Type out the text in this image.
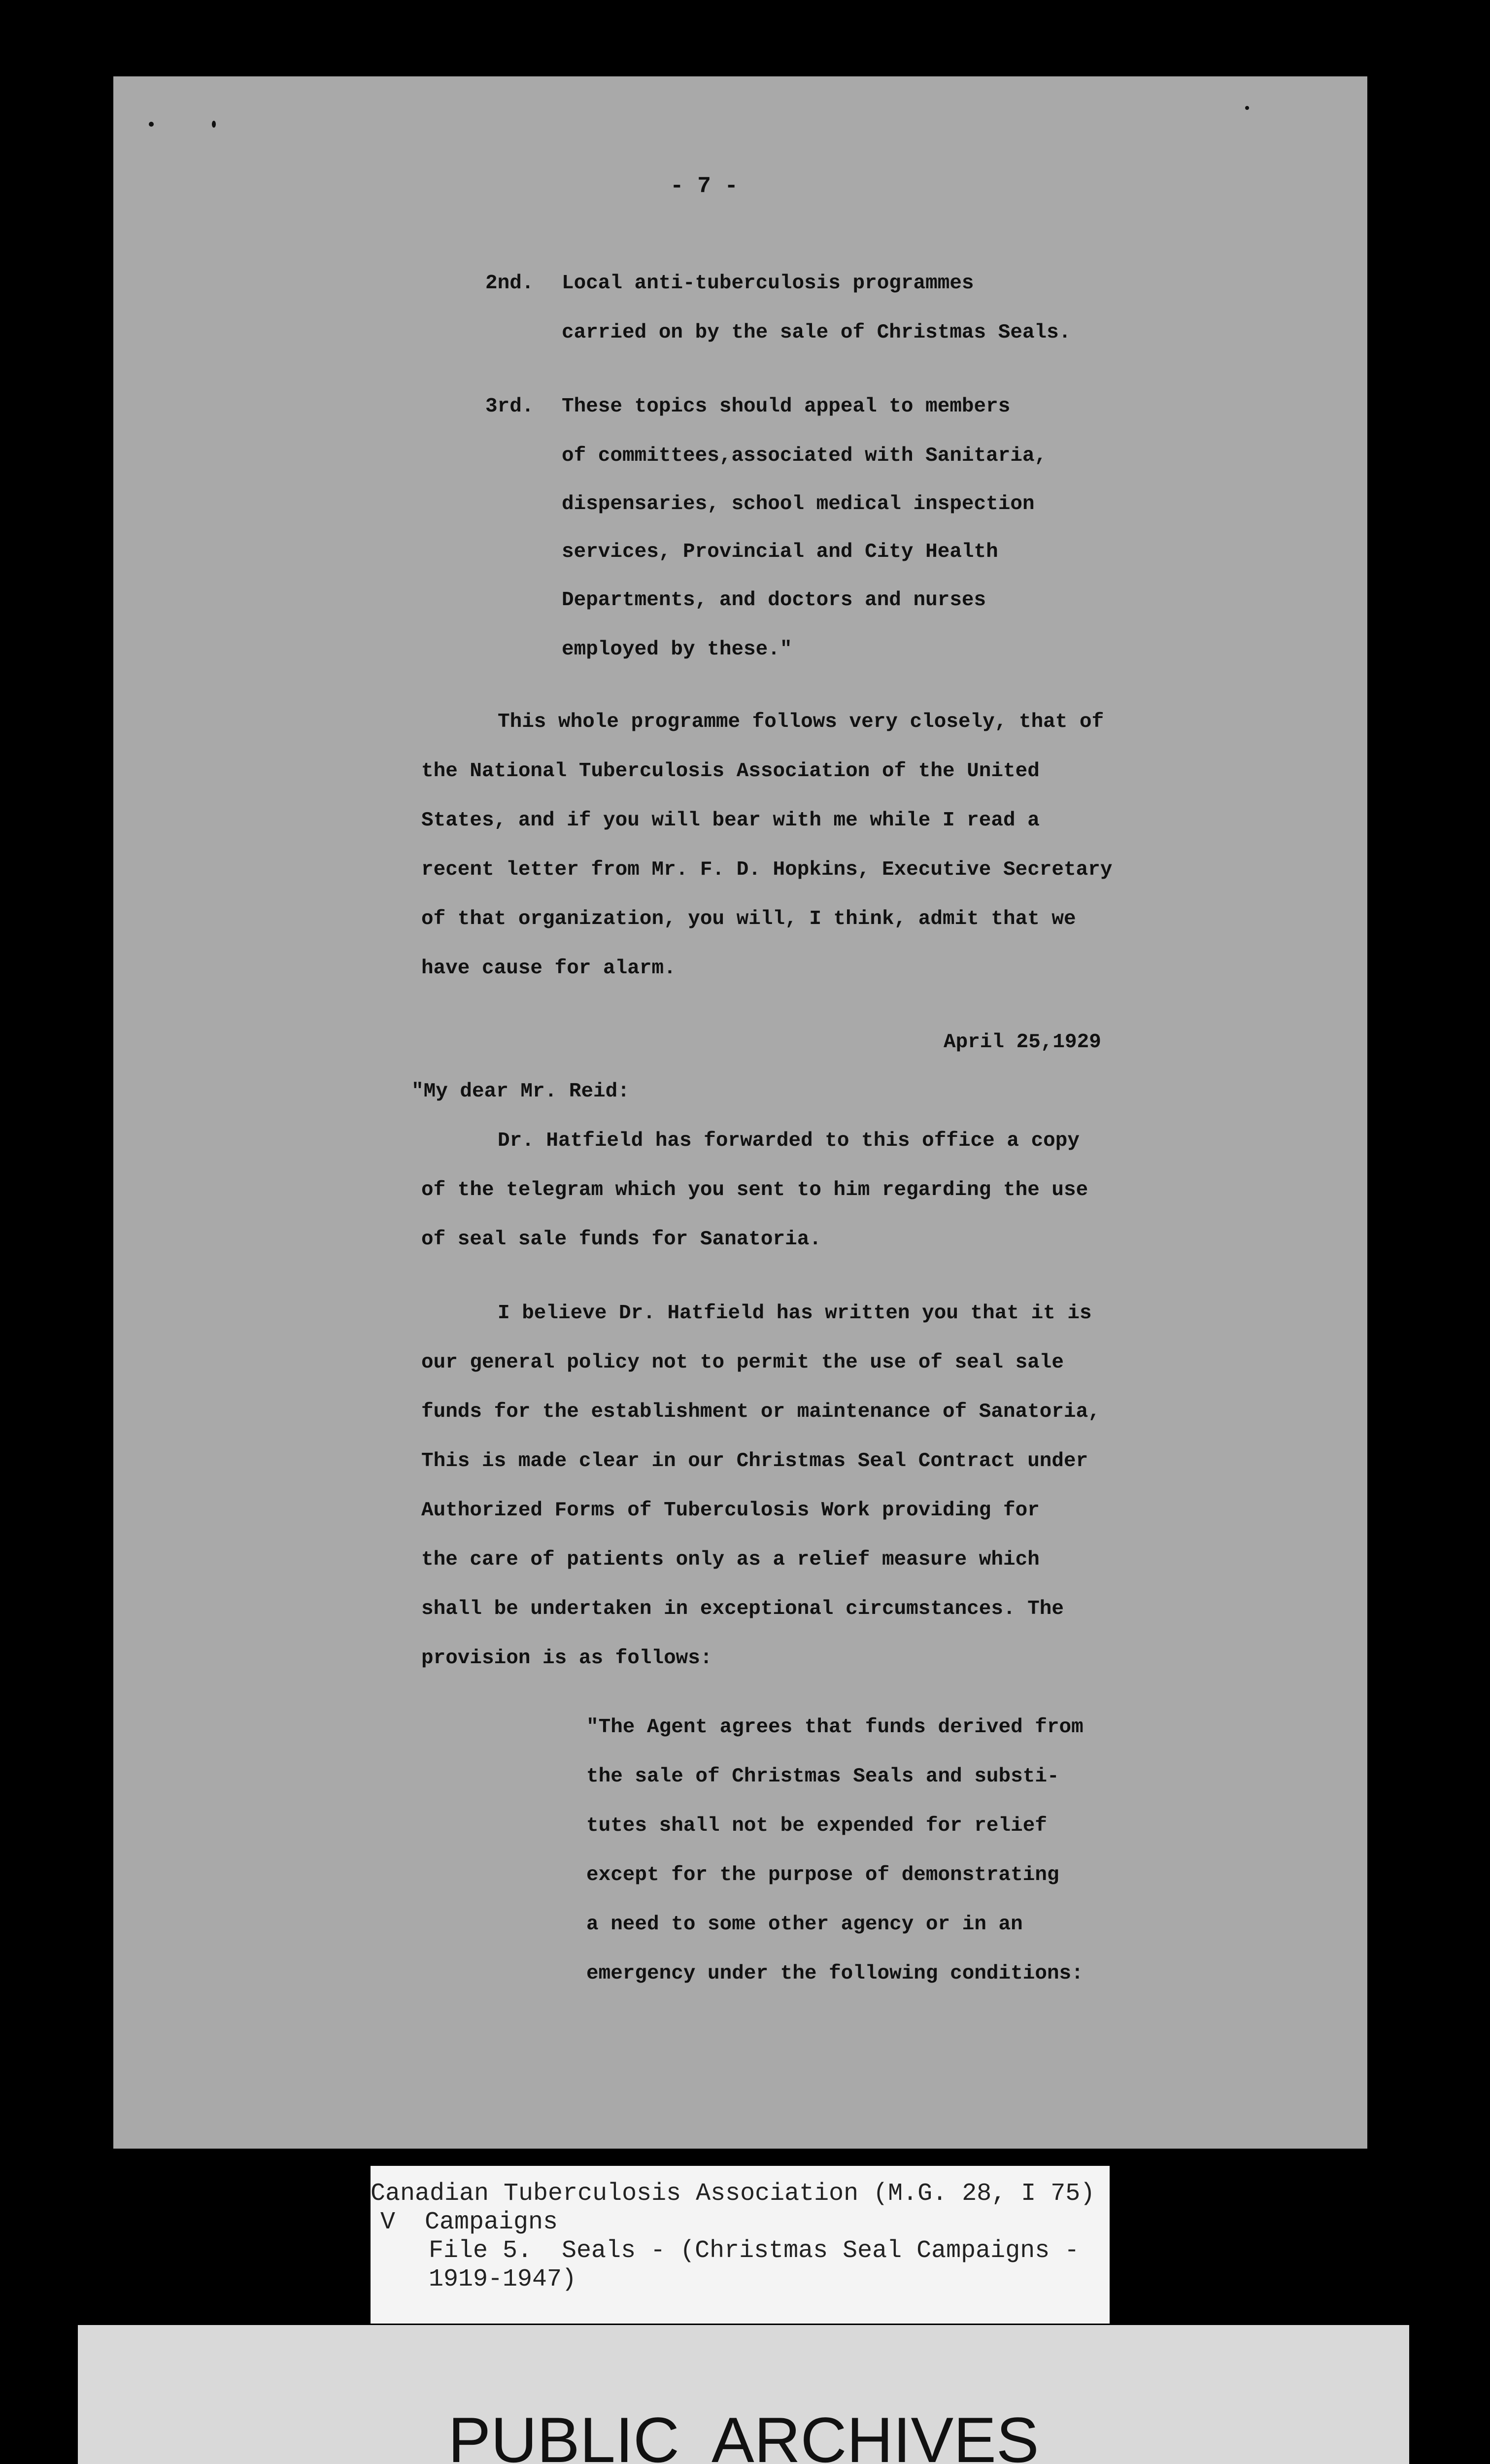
- 7 -
2nd. Local anti-tuberculosis programmes
carried on by the sale of Christmas Seals.
3rd. These topics should appeal to members
of committees,associated with Sanitaria,
dispensaries, school medical inspection
services, Provincial and City Health
Departments, and doctors and nurses
employed by these."
This whole programme follows very closely, that of
the National Tuberculosis Association of the United
States, and if you will bear with me while I read a
recent letter from Mr. F. D. Hopkins, Executive Secretary
of that organization, you will, I think, admit that we
have cause for alarm.
April 25,1929
"My dear Mr. Reid:
Dr. Hatfield has forwarded to this office a copy
of the telegram which you sent to him regarding the use
of seal sale funds for Sanatoria.
I believe Dr. Hatfield has written you that it is
our general policy not to permit the use of seal sale
funds for the establishment or maintenance of Sanatoria,
This is made clear in our Christmas Seal Contract under
Authorized Forms of Tuberculosis Work providing for
the care of patients only as a relief measure which
shall be undertaken in exceptional circumstances. The
provision is as follows:
"The Agent agrees that funds derived from
the sale of Christmas Seals and substi-
tutes shall not be expended for relief
except for the purpose of demonstrating
a need to some other agency or in an
emergency under the following conditions:
Canadian Tuberculosis Association (M.G. 28, I 75)
V  Campaigns
File 5.  Seals - (Christmas Seal Campaigns -
1919-1947)
PUBLIC  ARCHIVES
